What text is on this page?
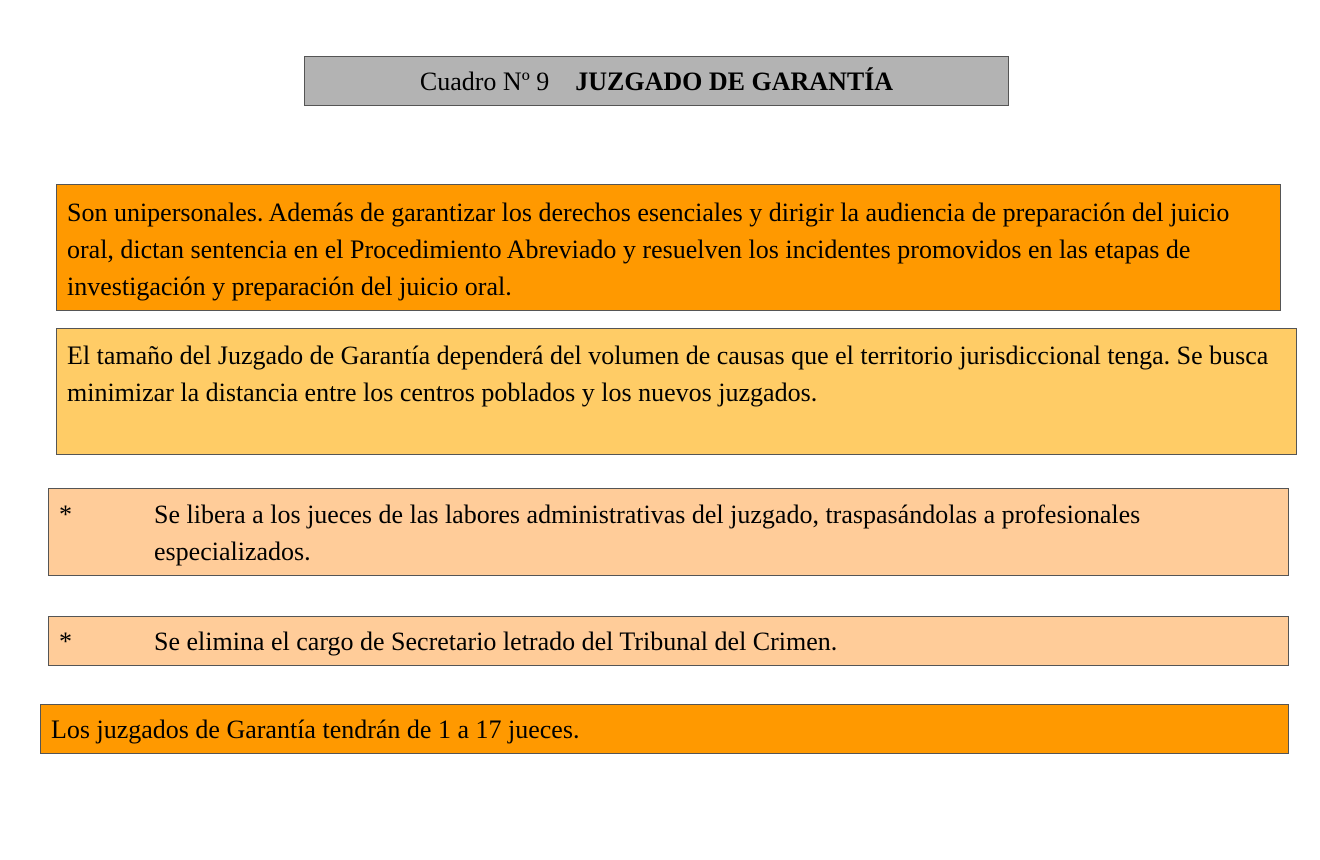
Cuadro Nº 9 JUZGADO DE GARANTÍA
Son unipersonales. Además de garantizar los derechos esenciales y dirigir la audiencia de preparación del juicio oral, dictan sentencia en el Procedimiento Abreviado y resuelven los incidentes promovidos en las etapas de investigación y preparación del juicio oral.
El tamaño del Juzgado de Garantía dependerá del volumen de causas que el territorio jurisdiccional tenga. Se busca minimizar la distancia entre los centros poblados y los nuevos juzgados.
*	Se libera a los jueces de las labores administrativas del juzgado, traspasándolas a profesionales especializados.
*	Se elimina el cargo de Secretario letrado del Tribunal del Crimen.
Los juzgados de Garantía tendrán de 1 a 17 jueces.
